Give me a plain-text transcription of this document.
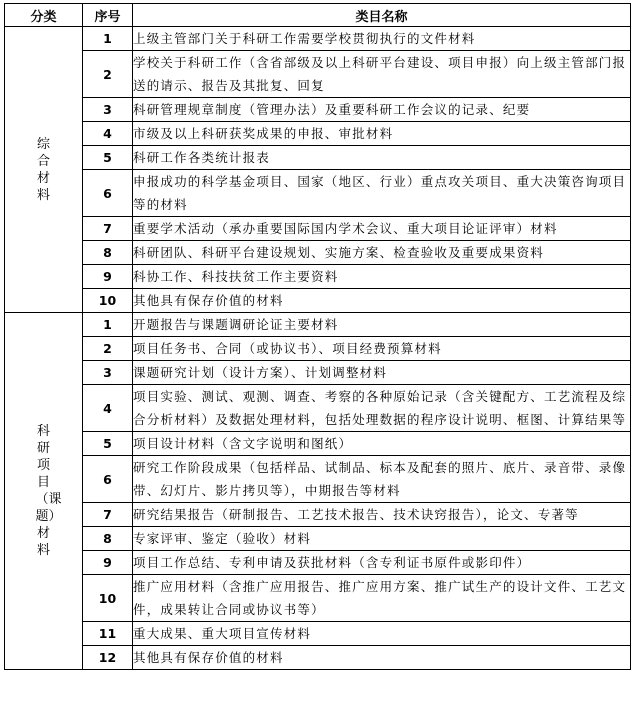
分类	序号	类目名称
综合材料	1	上级主管部门关于科研工作需要学校贯彻执行的文件材料
	2	学校关于科研工作（含省部级及以上科研平台建设、项目申报）向上级主管部门报送的请示、报告及其批复、回复
	3	科研管理规章制度（管理办法）及重要科研工作会议的记录、纪要
	4	市级及以上科研获奖成果的申报、审批材料
	5	科研工作各类统计报表
	6	申报成功的科学基金项目、国家（地区、行业）重点攻关项目、重大决策咨询项目等的材料
	7	重要学术活动（承办重要国际国内学术会议、重大项目论证评审）材料
	8	科研团队、科研平台建设规划、实施方案、检查验收及重要成果资料
	9	科协工作、科技扶贫工作主要资料
	10	其他具有保存价值的材料
科研项目（课题）材料	1	开题报告与课题调研论证主要材料
	2	项目任务书、合同（或协议书）、项目经费预算材料
	3	课题研究计划（设计方案）、计划调整材料
	4	项目实验、测试、观测、调查、考察的各种原始记录（含关键配方、工艺流程及综合分析材料）及数据处理材料，包括处理数据的程序设计说明、框图、计算结果等
	5	项目设计材料（含文字说明和图纸）
	6	研究工作阶段成果（包括样品、试制品、标本及配套的照片、底片、录音带、录像带、幻灯片、影片拷贝等），中期报告等材料
	7	研究结果报告（研制报告、工艺技术报告、技术诀窍报告），论文、专著等
	8	专家评审、鉴定（验收）材料
	9	项目工作总结、专利申请及获批材料（含专利证书原件或影印件）
	10	推广应用材料（含推广应用报告、推广应用方案、推广试生产的设计文件、工艺文件，成果转让合同或协议书等）
	11	重大成果、重大项目宣传材料
	12	其他具有保存价值的材料
